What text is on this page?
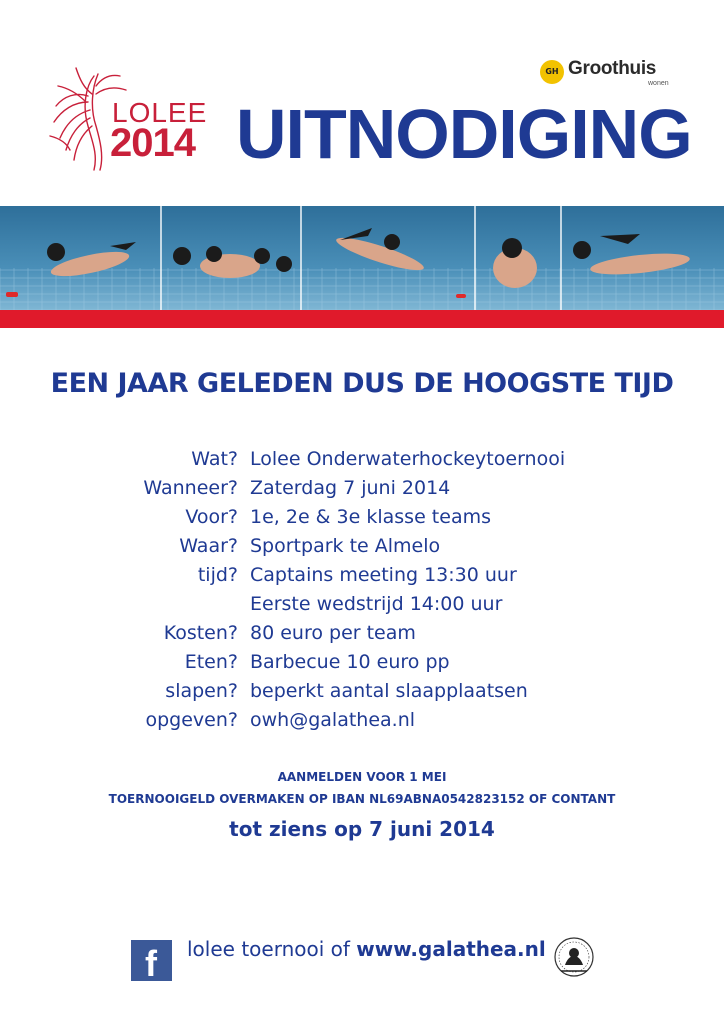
GH Groothuis
wonen
LOLEE
2014 UITNODIGING
EEN JAAR GELEDEN DUS DE HOOGSTE TIJD
Wat? Lolee Onderwaterhockeytoernooi
Wanneer? Zaterdag 7 juni 2014
Voor? 1e, 2e & 3e klasse teams
Waar? Sportpark te Almelo
tijd? Captains meeting 13:30 uur
Eerste wedstrijd 14:00 uur
Kosten? 80 euro per team
Eten? Barbecue 10 euro pp
slapen? beperkt aantal slaapplaatsen
opgeven? owh@galathea.nl
AANMELDEN VOOR 1 MEI
TOERNOOIGELD OVERMAKEN OP IBAN NL69ABNA0542823152 OF CONTANT
tot ziens op 7 juni 2014
f lolee toernooi of www.galathea.nl
